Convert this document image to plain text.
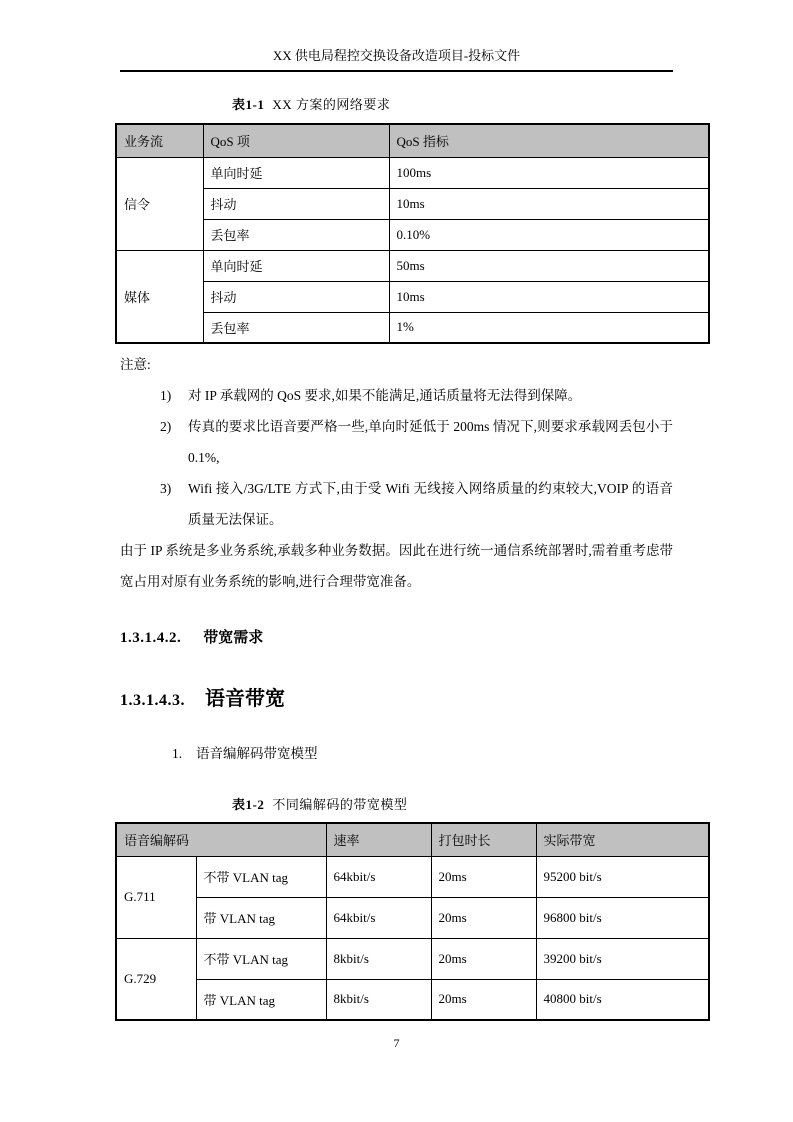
XX 供电局程控交换设备改造项目-投标文件
表1-1 XX 方案的网络要求
业务流	QoS 项	QoS 指标
信令	单向时延	100ms
	抖动	10ms
	丢包率	0.10%
媒体	单向时延	50ms
	抖动	10ms
	丢包率	1%
注意:
1) 对 IP 承载网的 QoS 要求,如果不能满足,通话质量将无法得到保障。
2) 传真的要求比语音要严格一些,单向时延低于 200ms 情况下,则要求承载网丢包小于 0.1%,
3) Wifi 接入/3G/LTE 方式下,由于受 Wifi 无线接入网络质量的约束较大,VOIP 的语音质量无法保证。
由于 IP 系统是多业务系统,承载多种业务数据。因此在进行统一通信系统部署时,需着重考虑带宽占用对原有业务系统的影响,进行合理带宽准备。
1.3.1.4.2. 带宽需求
1.3.1.4.3. 语音带宽
1. 语音编解码带宽模型
表1-2 不同编解码的带宽模型
语音编解码		速率	打包时长	实际带宽
G.711	不带 VLAN tag	64kbit/s	20ms	95200 bit/s
	带 VLAN tag	64kbit/s	20ms	96800 bit/s
G.729	不带 VLAN tag	8kbit/s	20ms	39200 bit/s
	带 VLAN tag	8kbit/s	20ms	40800 bit/s
7
